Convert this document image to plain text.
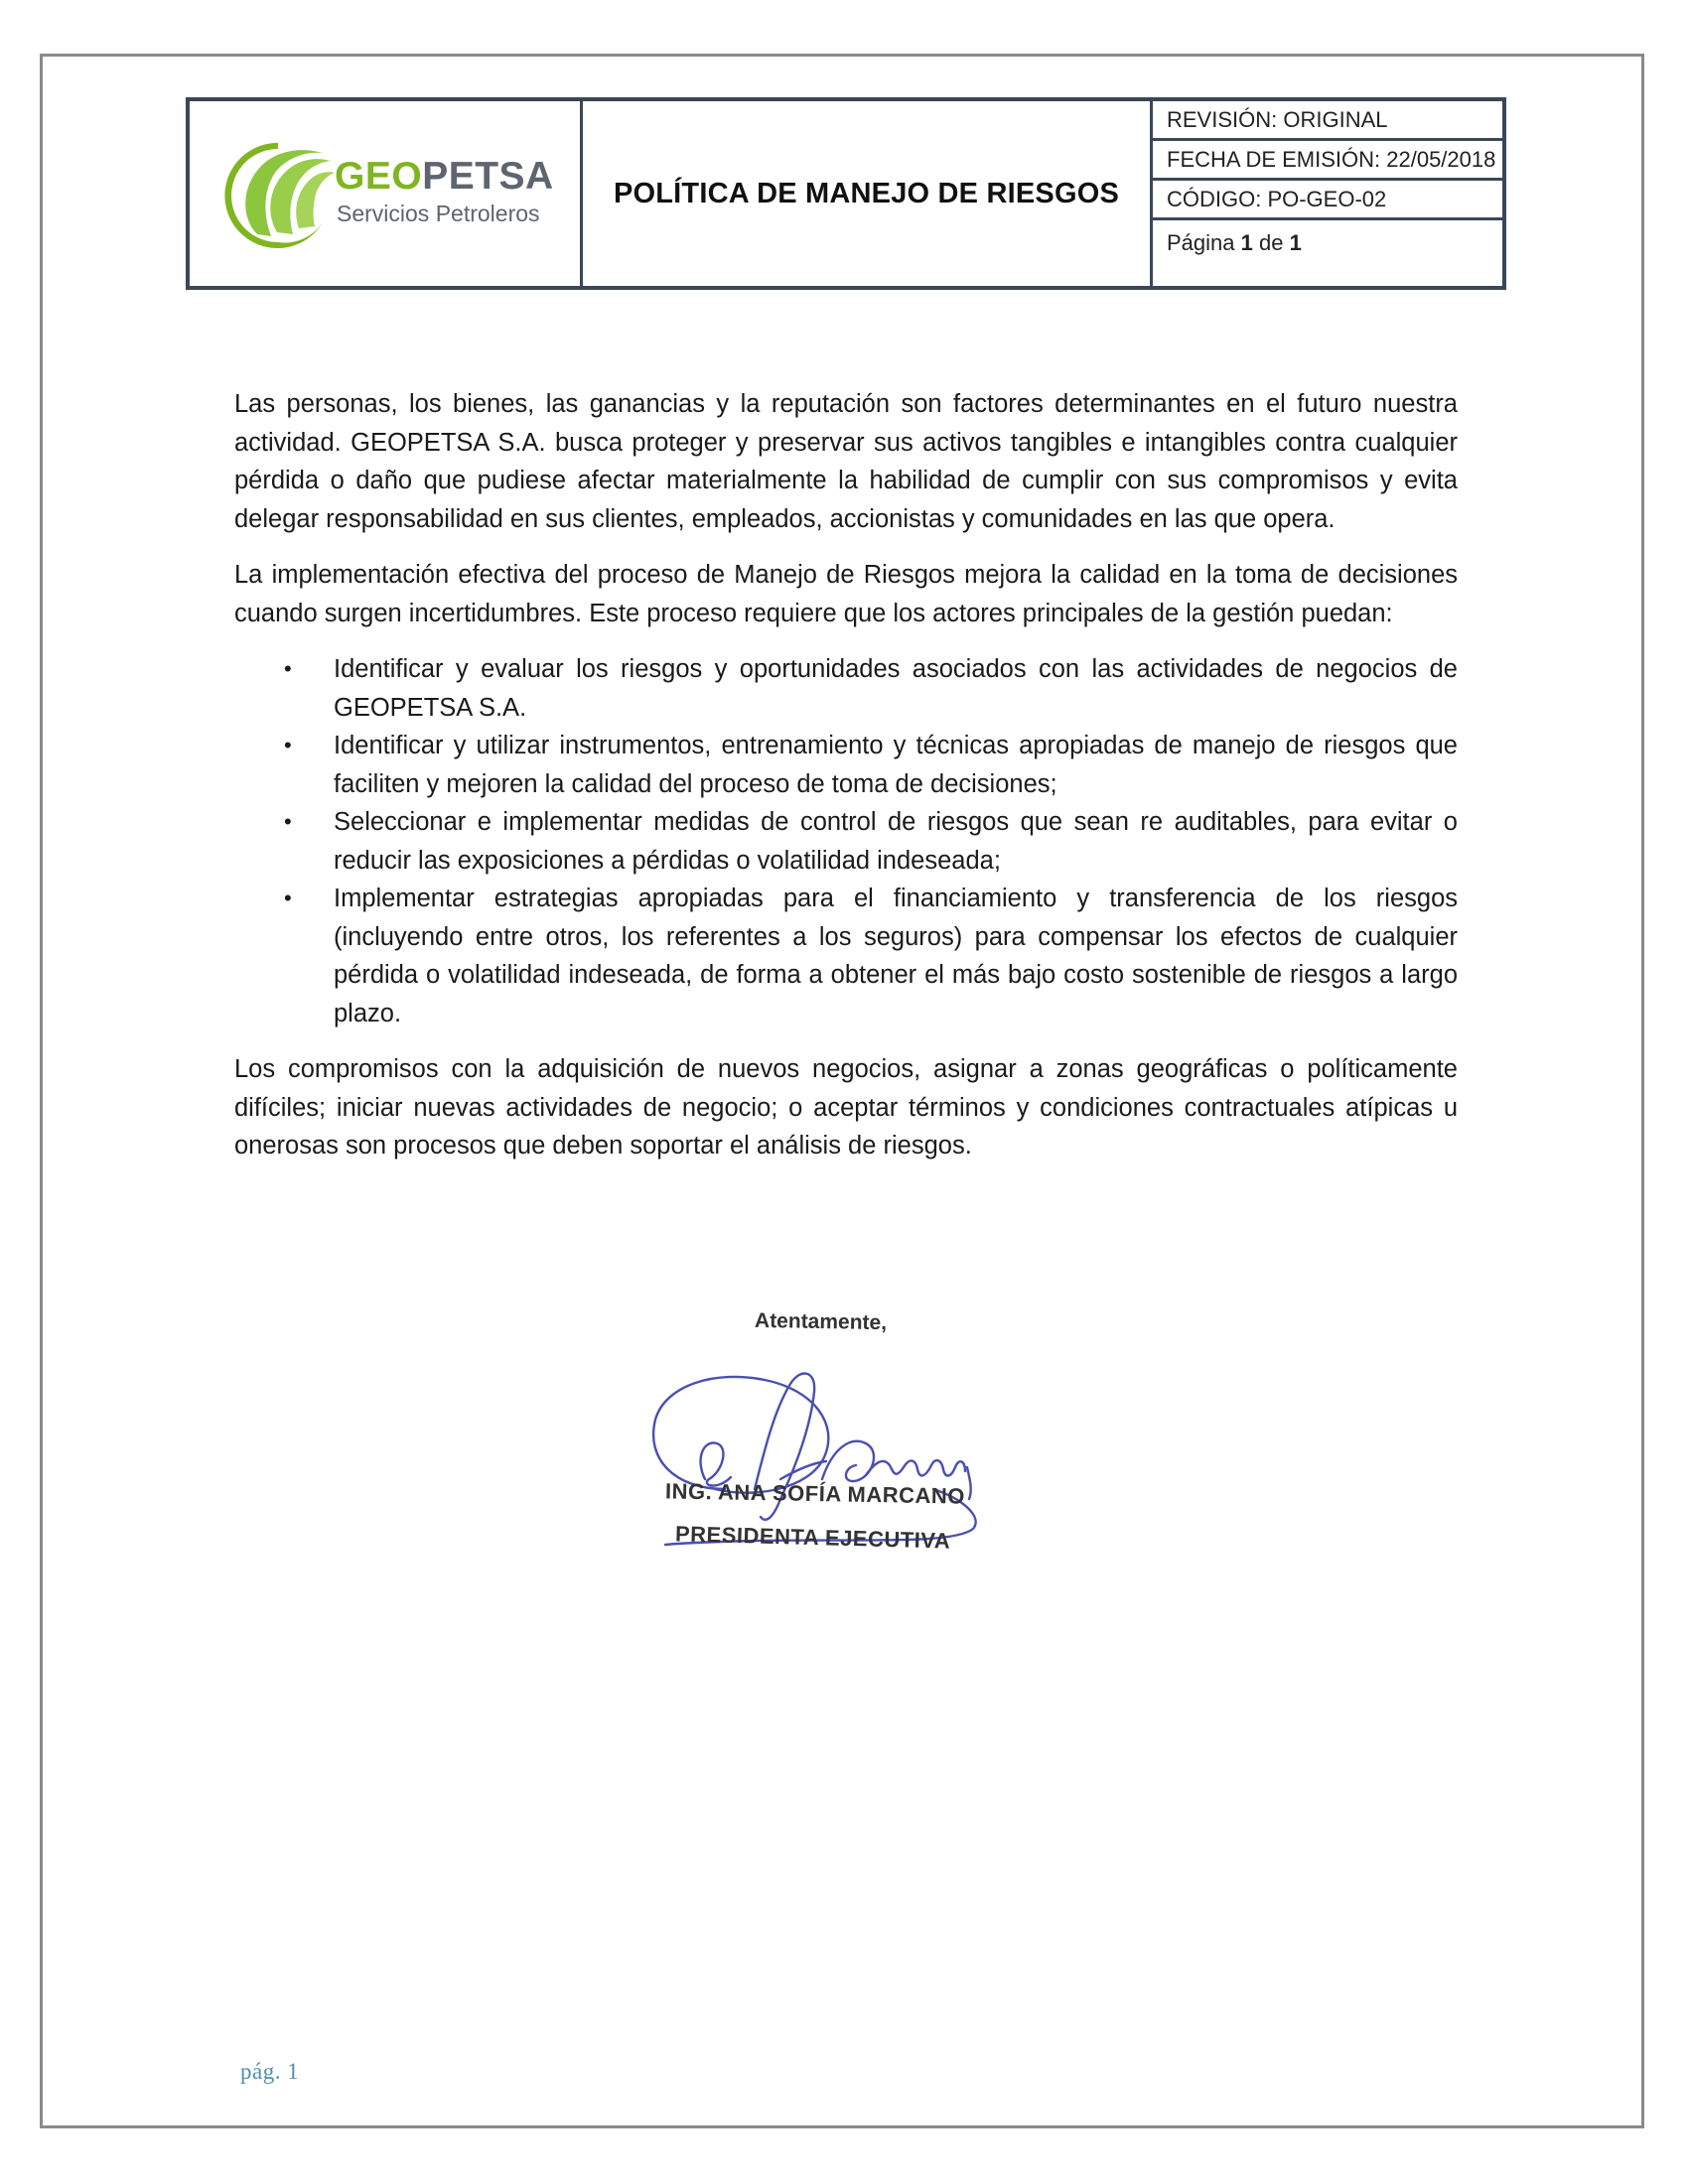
GEOPETSA
Servicios Petroleros
POLÍTICA DE MANEJO DE RIESGOS
REVISIÓN: ORIGINAL
FECHA DE EMISIÓN: 22/05/2018
CÓDIGO: PO-GEO-02
Página
1
de
1

Las personas, los bienes, las ganancias y la reputación son factores determinantes en el futuro nuestra actividad. GEOPETSA S.A. busca proteger y preservar sus activos tangibles e intangibles contra cualquier pérdida o daño que pudiese afectar materialmente la habilidad de cumplir con sus compromisos y evita delegar responsabilidad en sus clientes, empleados, accionistas y comunidades en las que opera.

La implementación efectiva del proceso de Manejo de Riesgos mejora la calidad en la toma de decisiones cuando surgen incertidumbres. Este proceso requiere que los actores principales de la gestión puedan:

• Identificar y evaluar los riesgos y oportunidades asociados con las actividades de negocios de GEOPETSA S.A.
• Identificar y utilizar instrumentos, entrenamiento y técnicas apropiadas de manejo de riesgos que faciliten y mejoren la calidad del proceso de toma de decisiones;
• Seleccionar e implementar medidas de control de riesgos que sean re auditables, para evitar o reducir las exposiciones a pérdidas o volatilidad indeseada;
• Implementar estrategias apropiadas para el financiamiento y transferencia de los riesgos (incluyendo entre otros, los referentes a los seguros) para compensar los efectos de cualquier pérdida o volatilidad indeseada, de forma a obtener el más bajo costo sostenible de riesgos a largo plazo.

Los compromisos con la adquisición de nuevos negocios, asignar a zonas geográficas o políticamente difíciles; iniciar nuevas actividades de negocio; o aceptar términos y condiciones contractuales atípicas u onerosas son procesos que deben soportar el análisis de riesgos.

Atentamente,
ING. ANA SOFÍA MARCANO
PRESIDENTA EJECUTIVA
pág. 1
